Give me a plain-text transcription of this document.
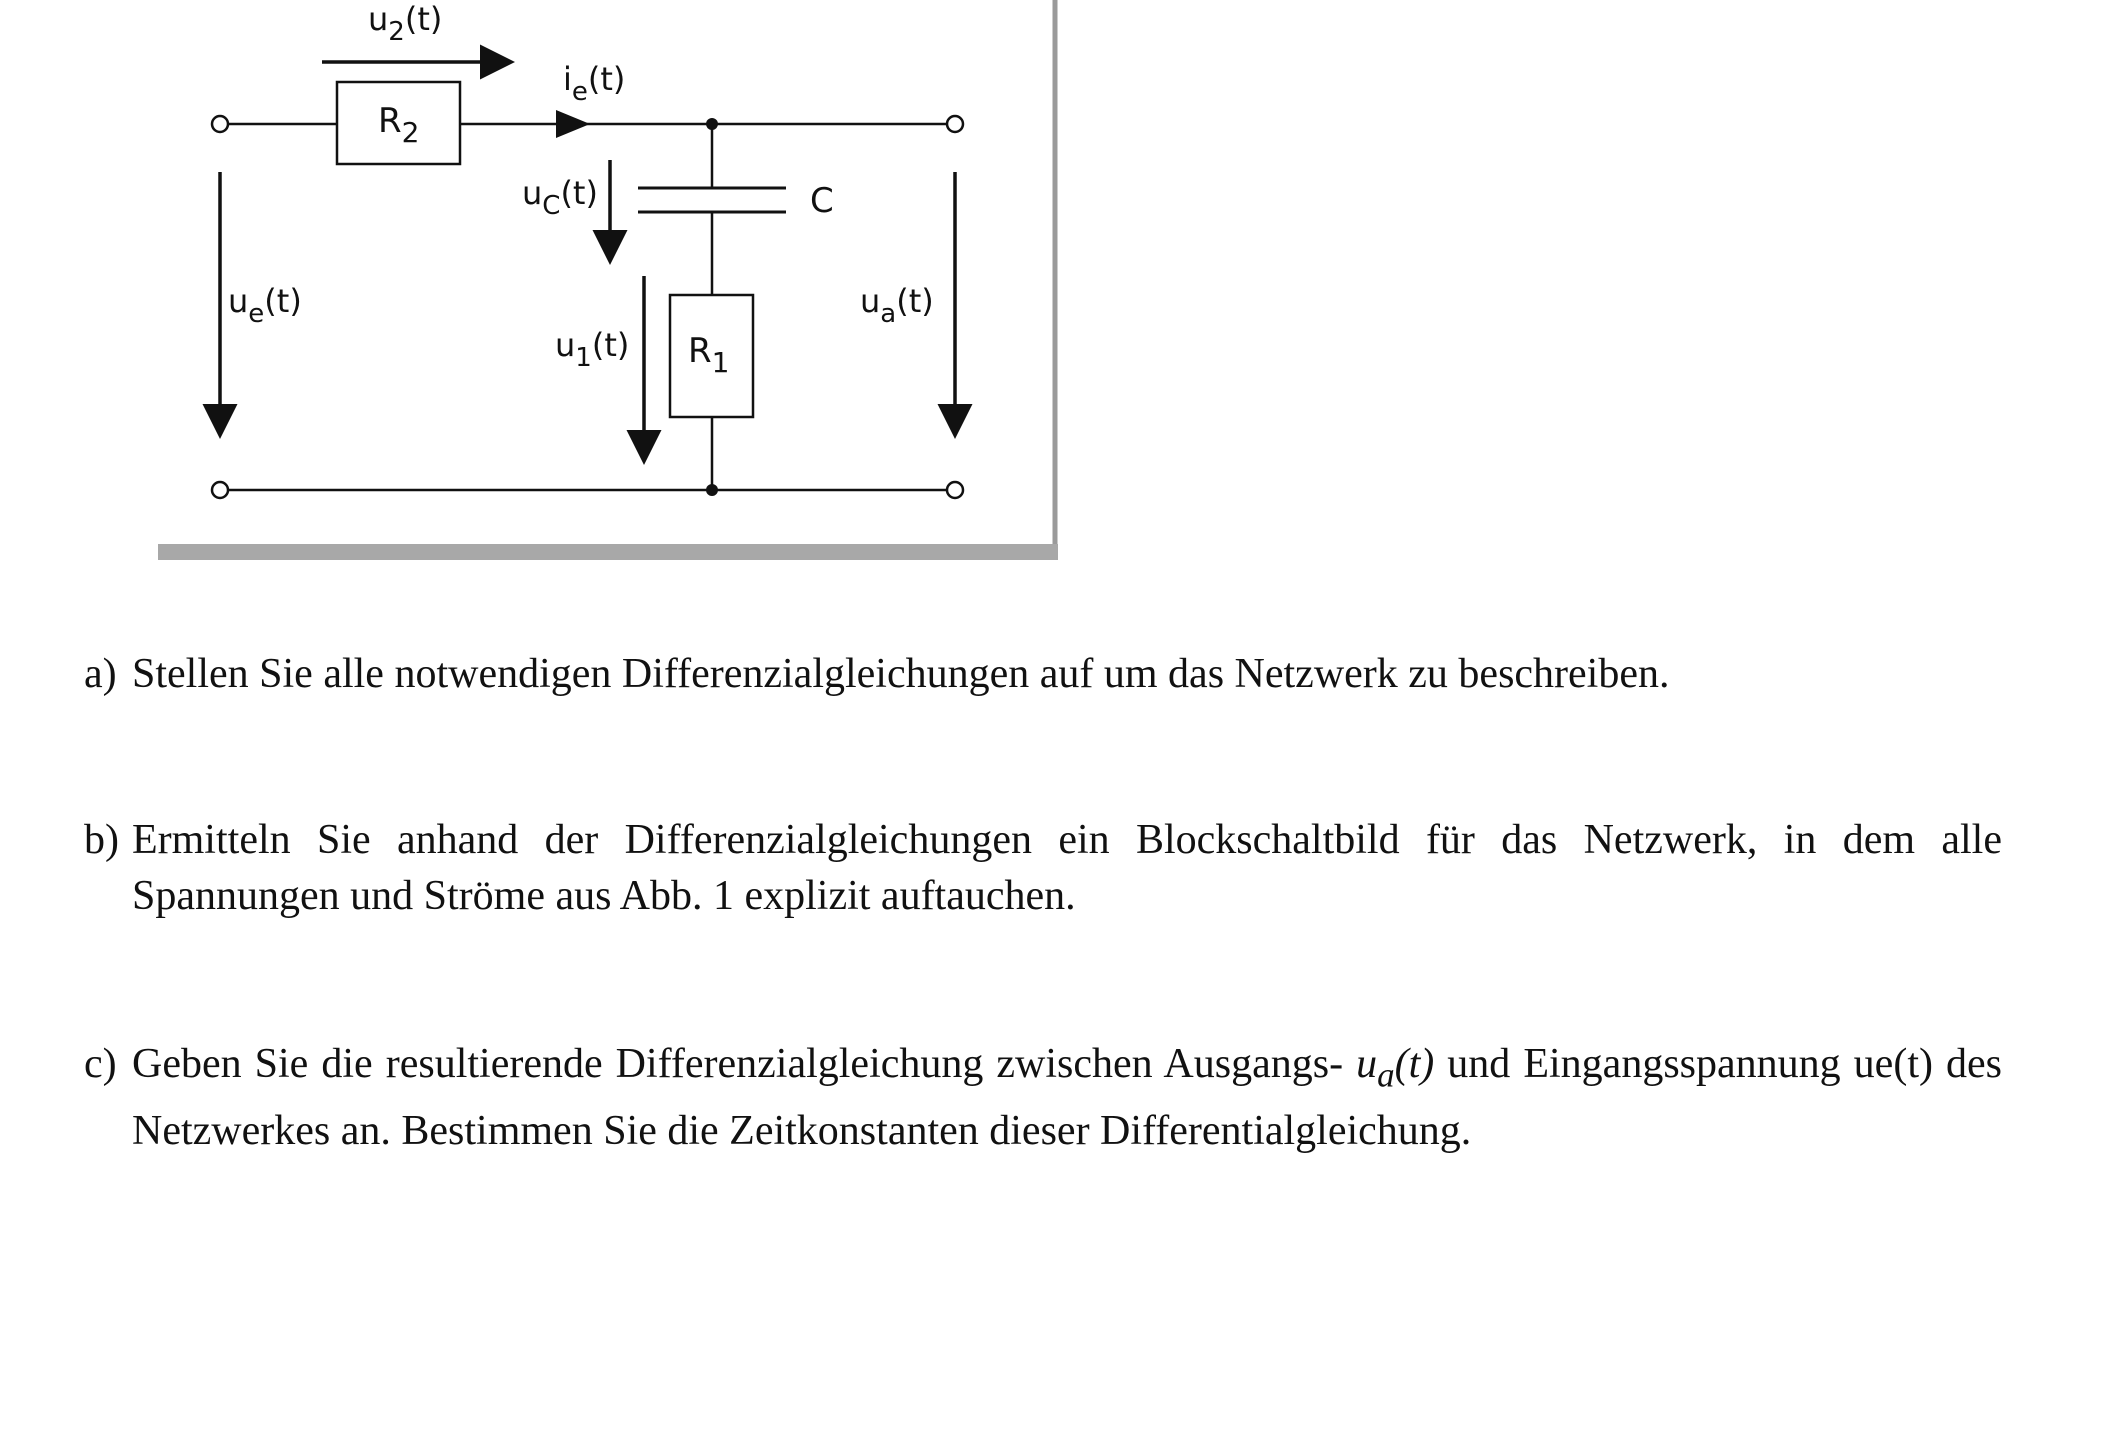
$R_2$
C
$R_1$
$u_2(t)$
$i_e(t)$
$u_C(t)$
$u_e(t)$
$u_1(t)$
$u_a(t)$
a) Stellen Sie alle notwendigen Differenzialgleichungen auf um das Netzwerk zu beschreiben.
b) Ermitteln Sie anhand der Differenzialgleichungen ein Blockschaltbild für das Netzwerk, in dem alle Spannungen und Ströme aus Abb. 1 explizit auftauchen.
c) Geben Sie die resultierende Differenzialgleichung zwischen Ausgangs- $u_a(t)$ und Eingangsspannung ue(t) des Netzwerkes an. Bestimmen Sie die Zeitkonstanten dieser Differentialgleichung.
